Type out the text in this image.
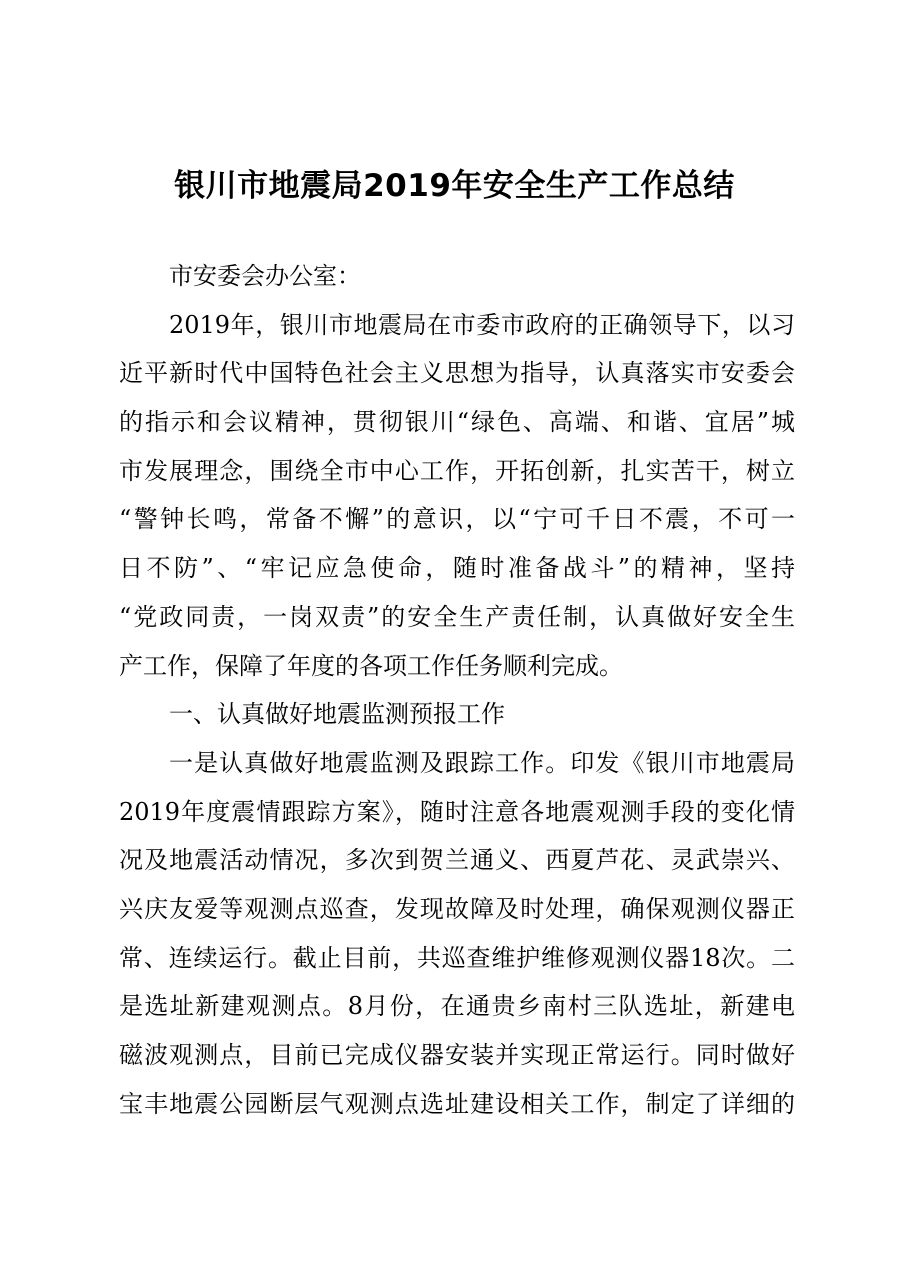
银川市地震局2019年安全生产工作总结
市安委会办公室：
2019年，银川市地震局在市委市政府的正确领导下，以习
近平新时代中国特色社会主义思想为指导，认真落实市安委会
的指示和会议精神，贯彻银川“绿色、高端、和谐、宜居”城
市发展理念，围绕全市中心工作，开拓创新，扎实苦干，树立
“警钟长鸣，常备不懈”的意识，以“宁可千日不震，不可一
日不防”、“牢记应急使命，随时准备战斗”的精神，坚持
“党政同责，一岗双责”的安全生产责任制，认真做好安全生
产工作，保障了年度的各项工作任务顺利完成。
一、认真做好地震监测预报工作
一是认真做好地震监测及跟踪工作。印发《银川市地震局
2019年度震情跟踪方案》，随时注意各地震观测手段的变化情
况及地震活动情况，多次到贺兰通义、西夏芦花、灵武崇兴、
兴庆友爱等观测点巡查，发现故障及时处理，确保观测仪器正
常、连续运行。截止目前，共巡查维护维修观测仪器18次。二
是选址新建观测点。8月份，在通贵乡南村三队选址，新建电
磁波观测点，目前已完成仪器安装并实现正常运行。同时做好
宝丰地震公园断层气观测点选址建设相关工作，制定了详细的
